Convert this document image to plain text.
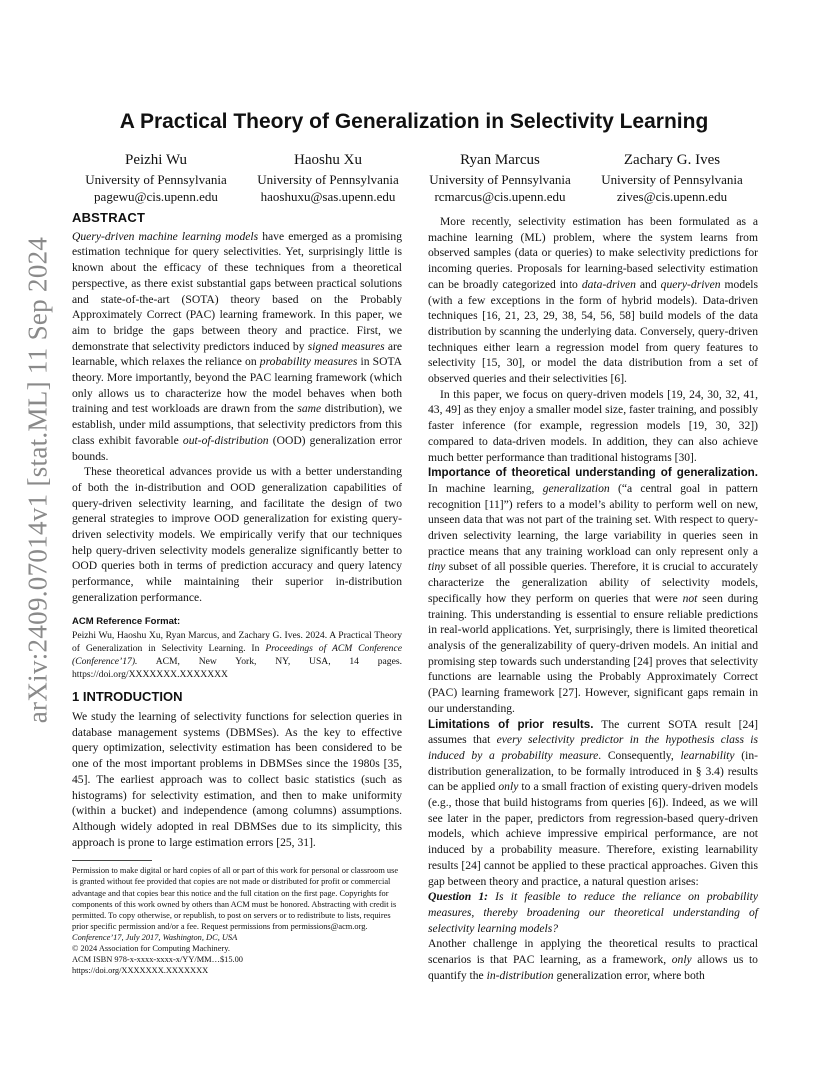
arXiv:2409.07014v1 [stat.ML] 11 Sep 2024
A Practical Theory of Generalization in Selectivity Learning
Peizhi Wu
University of Pennsylvania
pagewu@cis.upenn.edu
Haoshu Xu
University of Pennsylvania
haoshuxu@sas.upenn.edu
Ryan Marcus
University of Pennsylvania
rcmarcus@cis.upenn.edu
Zachary G. Ives
University of Pennsylvania
zives@cis.upenn.edu
ABSTRACT

Query-driven machine learning models have emerged as a promising estimation technique for query selectivities. Yet, surprisingly little is known about the efficacy of these techniques from a theoretical perspective, as there exist substantial gaps between practical solutions and state-of-the-art (SOTA) theory based on the Probably Approximately Correct (PAC) learning framework. In this paper, we aim to bridge the gaps between theory and practice. First, we demonstrate that selectivity predictors induced by signed measures are learnable, which relaxes the reliance on probability measures in SOTA theory. More importantly, beyond the PAC learning framework (which only allows us to characterize how the model behaves when both training and test workloads are drawn from the same distribution), we establish, under mild assumptions, that selectivity predictors from this class exhibit favorable out-of-distribution (OOD) generalization error bounds.

These theoretical advances provide us with a better understanding of both the in-distribution and OOD generalization capabilities of query-driven selectivity learning, and facilitate the design of two general strategies to improve OOD generalization for existing query-driven selectivity models. We empirically verify that our techniques help query-driven selectivity models generalize significantly better to OOD queries both in terms of prediction accuracy and query latency performance, while maintaining their superior in-distribution generalization performance.

ACM Reference Format:

Peizhi Wu, Haoshu Xu, Ryan Marcus, and Zachary G. Ives. 2024. A Practical Theory of Generalization in Selectivity Learning. In Proceedings of ACM Conference (Conference’17). ACM, New York, NY, USA, 14 pages. https://doi.org/XXXXXXX.XXXXXXX

1 INTRODUCTION

We study the learning of selectivity functions for selection queries in database management systems (DBMSes). As the key to effective query optimization, selectivity estimation has been considered to be one of the most important problems in DBMSes since the 1980s [35, 45]. The earliest approach was to collect basic statistics (such as histograms) for selectivity estimation, and then to make uniformity (within a bucket) and independence (among columns) assumptions. Although widely adopted in real DBMSes due to its simplicity, this approach is prone to large estimation errors [25, 31].

Permission to make digital or hard copies of all or part of this work for personal or classroom use is granted without fee provided that copies are not made or distributed for profit or commercial advantage and that copies bear this notice and the full citation on the first page. Copyrights for components of this work owned by others than ACM must be honored. Abstracting with credit is permitted. To copy otherwise, or republish, to post on servers or to redistribute to lists, requires prior specific permission and/or a fee. Request permissions from permissions@acm.org.

Conference’17, July 2017, Washington, DC, USA

© 2024 Association for Computing Machinery.

ACM ISBN 978-x-xxxx-xxxx-x/YY/MM…$15.00

https://doi.org/XXXXXXX.XXXXXXX

More recently, selectivity estimation has been formulated as a machine learning (ML) problem, where the system learns from observed samples (data or queries) to make selectivity predictions for incoming queries. Proposals for learning-based selectivity estimation can be broadly categorized into data-driven and query-driven models (with a few exceptions in the form of hybrid models). Data-driven techniques [16, 21, 23, 29, 38, 54, 56, 58] build models of the data distribution by scanning the underlying data. Conversely, query-driven techniques either learn a regression model from query features to selectivity [15, 30], or model the data distribution from a set of observed queries and their selectivities [6].

In this paper, we focus on query-driven models [19, 24, 30, 32, 41, 43, 49] as they enjoy a smaller model size, faster training, and possibly faster inference (for example, regression models [19, 30, 32]) compared to data-driven models. In addition, they can also achieve much better performance than traditional histograms [30].

Importance of theoretical understanding of generalization. In machine learning, generalization (“a central goal in pattern recognition [11]”) refers to a model’s ability to perform well on new, unseen data that was not part of the training set. With respect to query-driven selectivity learning, the large variability in queries seen in practice means that any training workload can only represent only a tiny subset of all possible queries. Therefore, it is crucial to accurately characterize the generalization ability of selectivity models, specifically how they perform on queries that were not seen during training. This understanding is essential to ensure reliable predictions in real-world applications. Yet, surprisingly, there is limited theoretical analysis of the generalizability of query-driven models. An initial and promising step towards such understanding [24] proves that selectivity functions are learnable using the Probably Approximately Correct (PAC) learning framework [27]. However, significant gaps remain in our understanding.

Limitations of prior results. The current SOTA result [24] assumes that every selectivity predictor in the hypothesis class is induced by a probability measure. Consequently, learnability (in-distribution generalization, to be formally introduced in § 3.4) results can be applied only to a small fraction of existing query-driven models (e.g., those that build histograms from queries [6]). Indeed, as we will see later in the paper, predictors from regression-based query-driven models, which achieve impressive empirical performance, are not induced by a probability measure. Therefore, existing learnability results [24] cannot be applied to these practical approaches. Given this gap between theory and practice, a natural question arises:

Question 1: Is it feasible to reduce the reliance on probability measures, thereby broadening our theoretical understanding of selectivity learning models?

Another challenge in applying the theoretical results to practical scenarios is that PAC learning, as a framework, only allows us to quantify the in-distribution generalization error, where both
